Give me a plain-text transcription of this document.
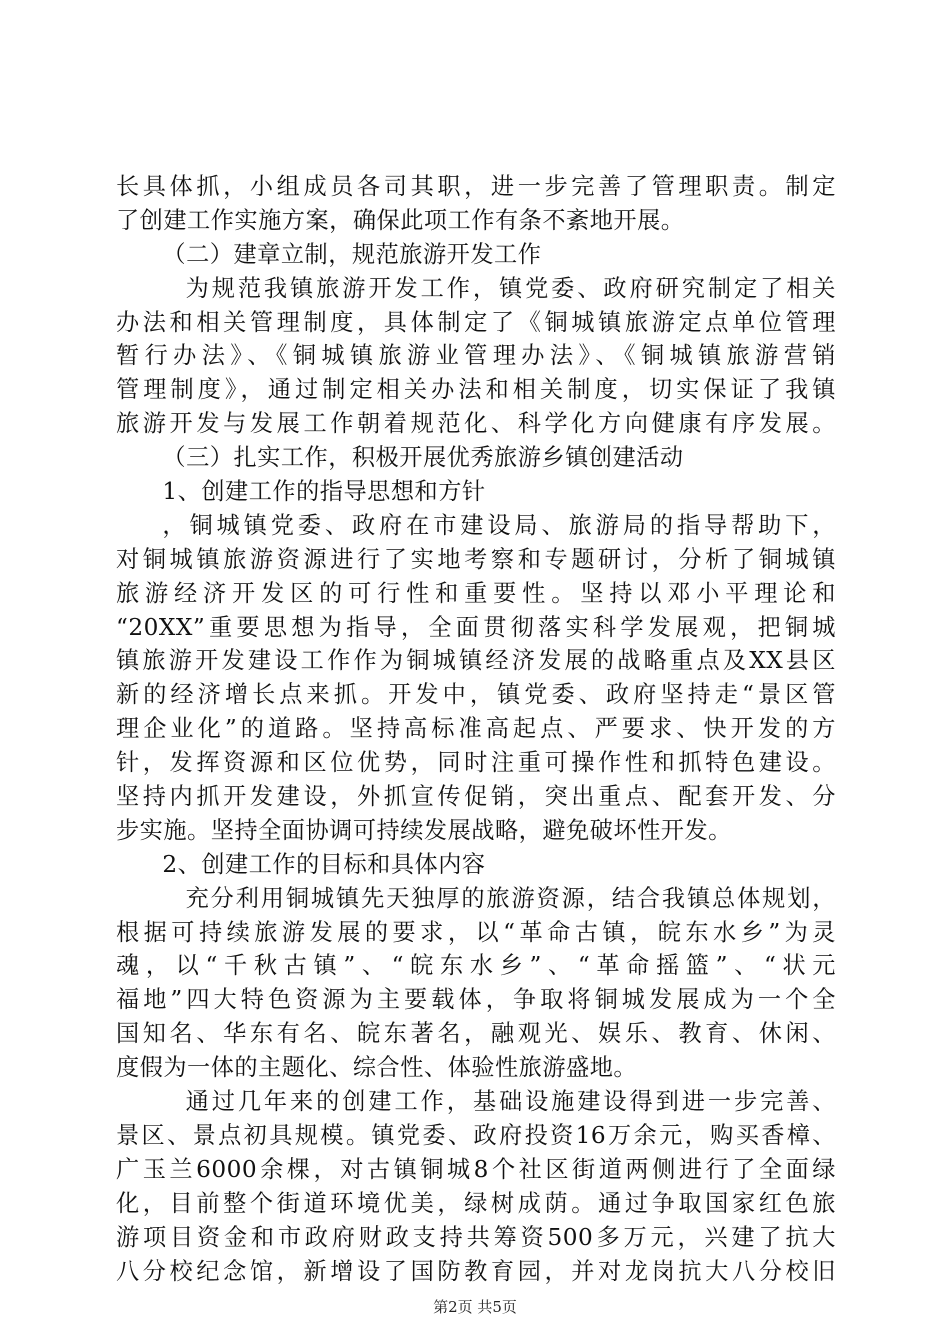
长具体抓，小组成员各司其职，进一步完善了管理职责。制定
了创建工作实施方案，确保此项工作有条不紊地开展。
（二）建章立制，规范旅游开发工作
为规范我镇旅游开发工作，镇党委、政府研究制定了相关
办法和相关管理制度，具体制定了《铜城镇旅游定点单位管理
暂行办法》、《铜城镇旅游业管理办法》、《铜城镇旅游营销
管理制度》，通过制定相关办法和相关制度，切实保证了我镇
旅游开发与发展工作朝着规范化、科学化方向健康有序发展。
（三）扎实工作，积极开展优秀旅游乡镇创建活动
1、创建工作的指导思想和方针
，铜城镇党委、政府在市建设局、旅游局的指导帮助下，
对铜城镇旅游资源进行了实地考察和专题研讨，分析了铜城镇
旅游经济开发区的可行性和重要性。坚持以邓小平理论和
“20XX”重要思想为指导，全面贯彻落实科学发展观，把铜城
镇旅游开发建设工作作为铜城镇经济发展的战略重点及XX县区
新的经济增长点来抓。开发中，镇党委、政府坚持走“景区管
理企业化”的道路。坚持高标准高起点、严要求、快开发的方
针，发挥资源和区位优势，同时注重可操作性和抓特色建设。
坚持内抓开发建设，外抓宣传促销，突出重点、配套开发、分
步实施。坚持全面协调可持续发展战略，避免破坏性开发。
2、创建工作的目标和具体内容
充分利用铜城镇先天独厚的旅游资源，结合我镇总体规划，
根据可持续旅游发展的要求，以“革命古镇，皖东水乡”为灵
魂，以“千秋古镇”、“皖东水乡”、“革命摇篮”、“状元
福地”四大特色资源为主要载体，争取将铜城发展成为一个全
国知名、华东有名、皖东著名，融观光、娱乐、教育、休闲、
度假为一体的主题化、综合性、体验性旅游盛地。
通过几年来的创建工作，基础设施建设得到进一步完善、
景区、景点初具规模。镇党委、政府投资16万余元，购买香樟、
广玉兰6000余棵，对古镇铜城8个社区街道两侧进行了全面绿
化，目前整个街道环境优美，绿树成荫。通过争取国家红色旅
游项目资金和市政府财政支持共筹资500多万元，兴建了抗大
八分校纪念馆，新增设了国防教育园，并对龙岗抗大八分校旧
第2页 共5页
